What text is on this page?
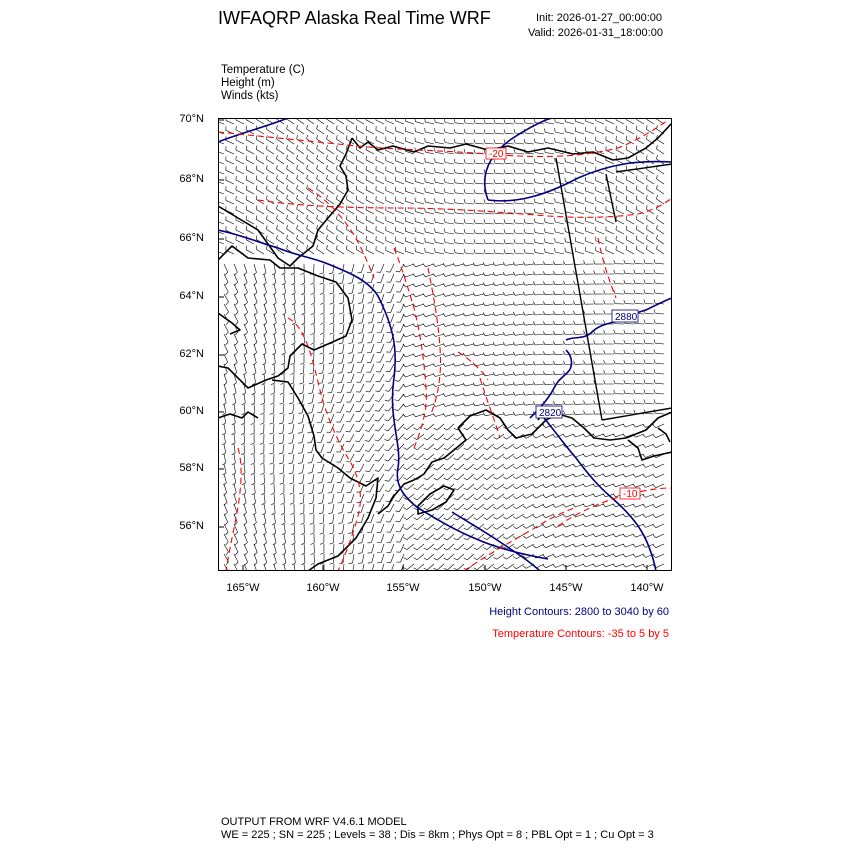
IWFAQRP Alaska Real Time WRF	Init: 2026-01-27_00:00:00
Valid: 2026-01-31_18:00:00
Temperature (C)
Height (m)
Winds (kts)
70°N
68°N
66°N
64°N
62°N
60°N
58°N
56°N
165°W	160°W	155°W	150°W	145°W	140°W
2880
2820
-20
-10
Height Contours: 2800 to 3040 by 60
Temperature Contours: -35 to 5 by 5
OUTPUT FROM WRF V4.6.1 MODEL
WE = 225 ; SN = 225 ; Levels = 38 ; Dis = 8km ; Phys Opt = 8 ; PBL Opt = 1 ; Cu Opt = 3
